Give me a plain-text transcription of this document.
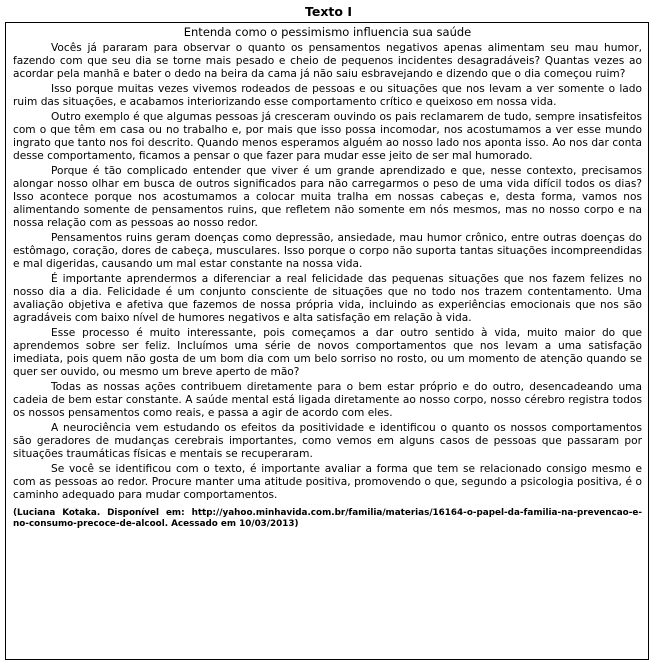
Texto I
Entenda como o pessimismo influencia sua saúde

Vocês já pararam para observar o quanto os pensamentos negativos apenas alimentam seu mau humor, fazendo com que seu dia se torne mais pesado e cheio de pequenos incidentes desagradáveis? Quantas vezes ao acordar pela manhã e bater o dedo na beira da cama já não saiu esbravejando e dizendo que o dia começou ruim?

Isso porque muitas vezes vivemos rodeados de pessoas e ou situações que nos levam a ver somente o lado ruim das situações, e acabamos interiorizando esse comportamento crítico e queixoso em nossa vida.

Outro exemplo é que algumas pessoas já cresceram ouvindo os pais reclamarem de tudo, sempre insatisfeitos com o que têm em casa ou no trabalho e, por mais que isso possa incomodar, nos acostumamos a ver esse mundo ingrato que tanto nos foi descrito. Quando menos esperamos alguém ao nosso lado nos aponta isso. Ao nos dar conta desse comportamento, ficamos a pensar o que fazer para mudar esse jeito de ser mal humorado.

Porque é tão complicado entender que viver é um grande aprendizado e que, nesse contexto, precisamos alongar nosso olhar em busca de outros significados para não carregarmos o peso de uma vida difícil todos os dias? Isso acontece porque nos acostumamos a colocar muita tralha em nossas cabeças e, desta forma, vamos nos alimentando somente de pensamentos ruins, que refletem não somente em nós mesmos, mas no nosso corpo e na nossa relação com as pessoas ao nosso redor.

Pensamentos ruins geram doenças como depressão, ansiedade, mau humor crônico, entre outras doenças do estômago, coração, dores de cabeça, musculares. Isso porque o corpo não suporta tantas situações incompreendidas e mal digeridas, causando um mal estar constante na nossa vida.

É importante aprendermos a diferenciar a real felicidade das pequenas situações que nos fazem felizes no nosso dia a dia. Felicidade é um conjunto consciente de situações que no todo nos trazem contentamento. Uma avaliação objetiva e afetiva que fazemos de nossa própria vida, incluindo as experiências emocionais que nos são agradáveis com baixo nível de humores negativos e alta satisfação em relação à vida.

Esse processo é muito interessante, pois começamos a dar outro sentido à vida, muito maior do que aprendemos sobre ser feliz. Incluímos uma série de novos comportamentos que nos levam a uma satisfação imediata, pois quem não gosta de um bom dia com um belo sorriso no rosto, ou um momento de atenção quando se quer ser ouvido, ou mesmo um breve aperto de mão?

Todas as nossas ações contribuem diretamente para o bem estar próprio e do outro, desencadeando uma cadeia de bem estar constante. A saúde mental está ligada diretamente ao nosso corpo, nosso cérebro registra todos os nossos pensamentos como reais, e passa a agir de acordo com eles.

A neurociência vem estudando os efeitos da positividade e identificou o quanto os nossos comportamentos são geradores de mudanças cerebrais importantes, como vemos em alguns casos de pessoas que passaram por situações traumáticas físicas e mentais se recuperaram.

Se você se identificou com o texto, é importante avaliar a forma que tem se relacionado consigo mesmo e com as pessoas ao redor. Procure manter uma atitude positiva, promovendo o que, segundo a psicologia positiva, é o caminho adequado para mudar comportamentos.

(Luciana Kotaka. Disponível em: http://yahoo.minhavida.com.br/familia/materias/16164-o-papel-da-familia-na-prevencao-e-no-consumo-precoce-de-alcool. Acessado em 10/03/2013)
